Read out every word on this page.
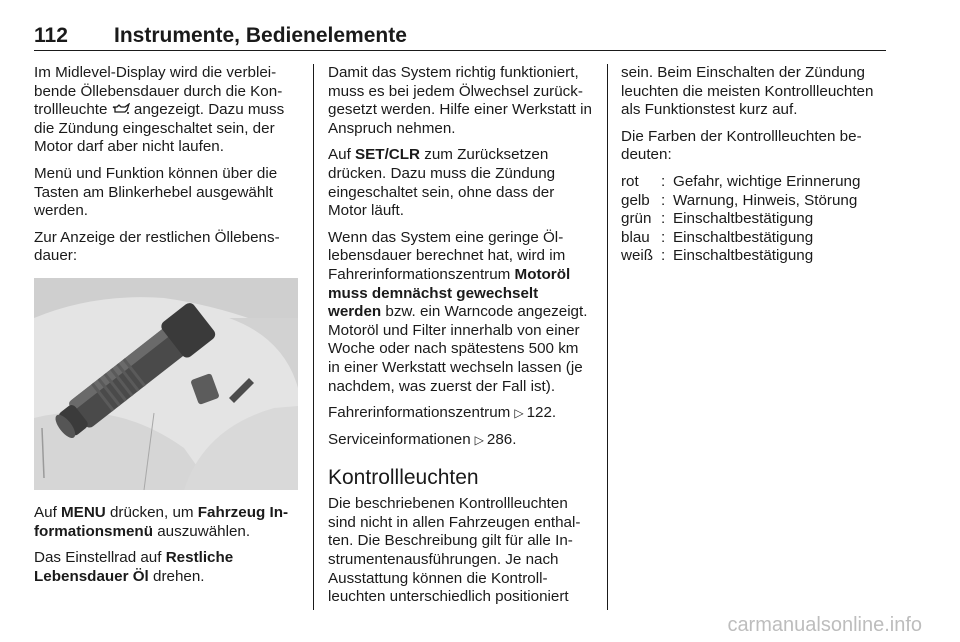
112 Instrumente, Bedienelemente

Im Midlevel-Display wird die verbleibende Öllebensdauer durch die Kontrollleuchte  angezeigt. Dazu muss die Zündung eingeschaltet sein, der Motor darf aber nicht laufen.

Menü und Funktion können über die Tasten am Blinkerhebel ausgewählt werden.

Zur Anzeige der restlichen Öllebensdauer:

Auf MENU drücken, um Fahrzeug Informationsmenü auszuwählen.

Das Einstellrad auf Restliche Lebensdauer Öl drehen.

Damit das System richtig funktioniert, muss es bei jedem Ölwechsel zurückgesetzt werden. Hilfe einer Werkstatt in Anspruch nehmen.

Auf SET/CLR zum Zurücksetzen drücken. Dazu muss die Zündung eingeschaltet sein, ohne dass der Motor läuft.

Wenn das System eine geringe Öllebensdauer berechnet hat, wird im Fahrerinformationszentrum Motoröl muss demnächst gewechselt werden bzw. ein Warncode angezeigt. Motoröl und Filter innerhalb von einer Woche oder nach spätestens 500 km in einer Werkstatt wechseln lassen (je nachdem, was zuerst der Fall ist).

Fahrerinformationszentrum ▷ 122.

Serviceinformationen ▷ 286.

Kontrollleuchten

Die beschriebenen Kontrollleuchten sind nicht in allen Fahrzeugen enthalten. Die Beschreibung gilt für alle Instrumentenausführungen. Je nach Ausstattung können die Kontrollleuchten unterschiedlich positioniert

sein. Beim Einschalten der Zündung leuchten die meisten Kontrollleuchten als Funktionstest kurz auf.

Die Farben der Kontrollleuchten bedeuten:

rot	: Gefahr, wichtige Erinnerung
gelb : Warnung, Hinweis, Störung
grün : Einschaltbestätigung
blau : Einschaltbestätigung
weiß : Einschaltbestätigung
carmanualsonline.info
